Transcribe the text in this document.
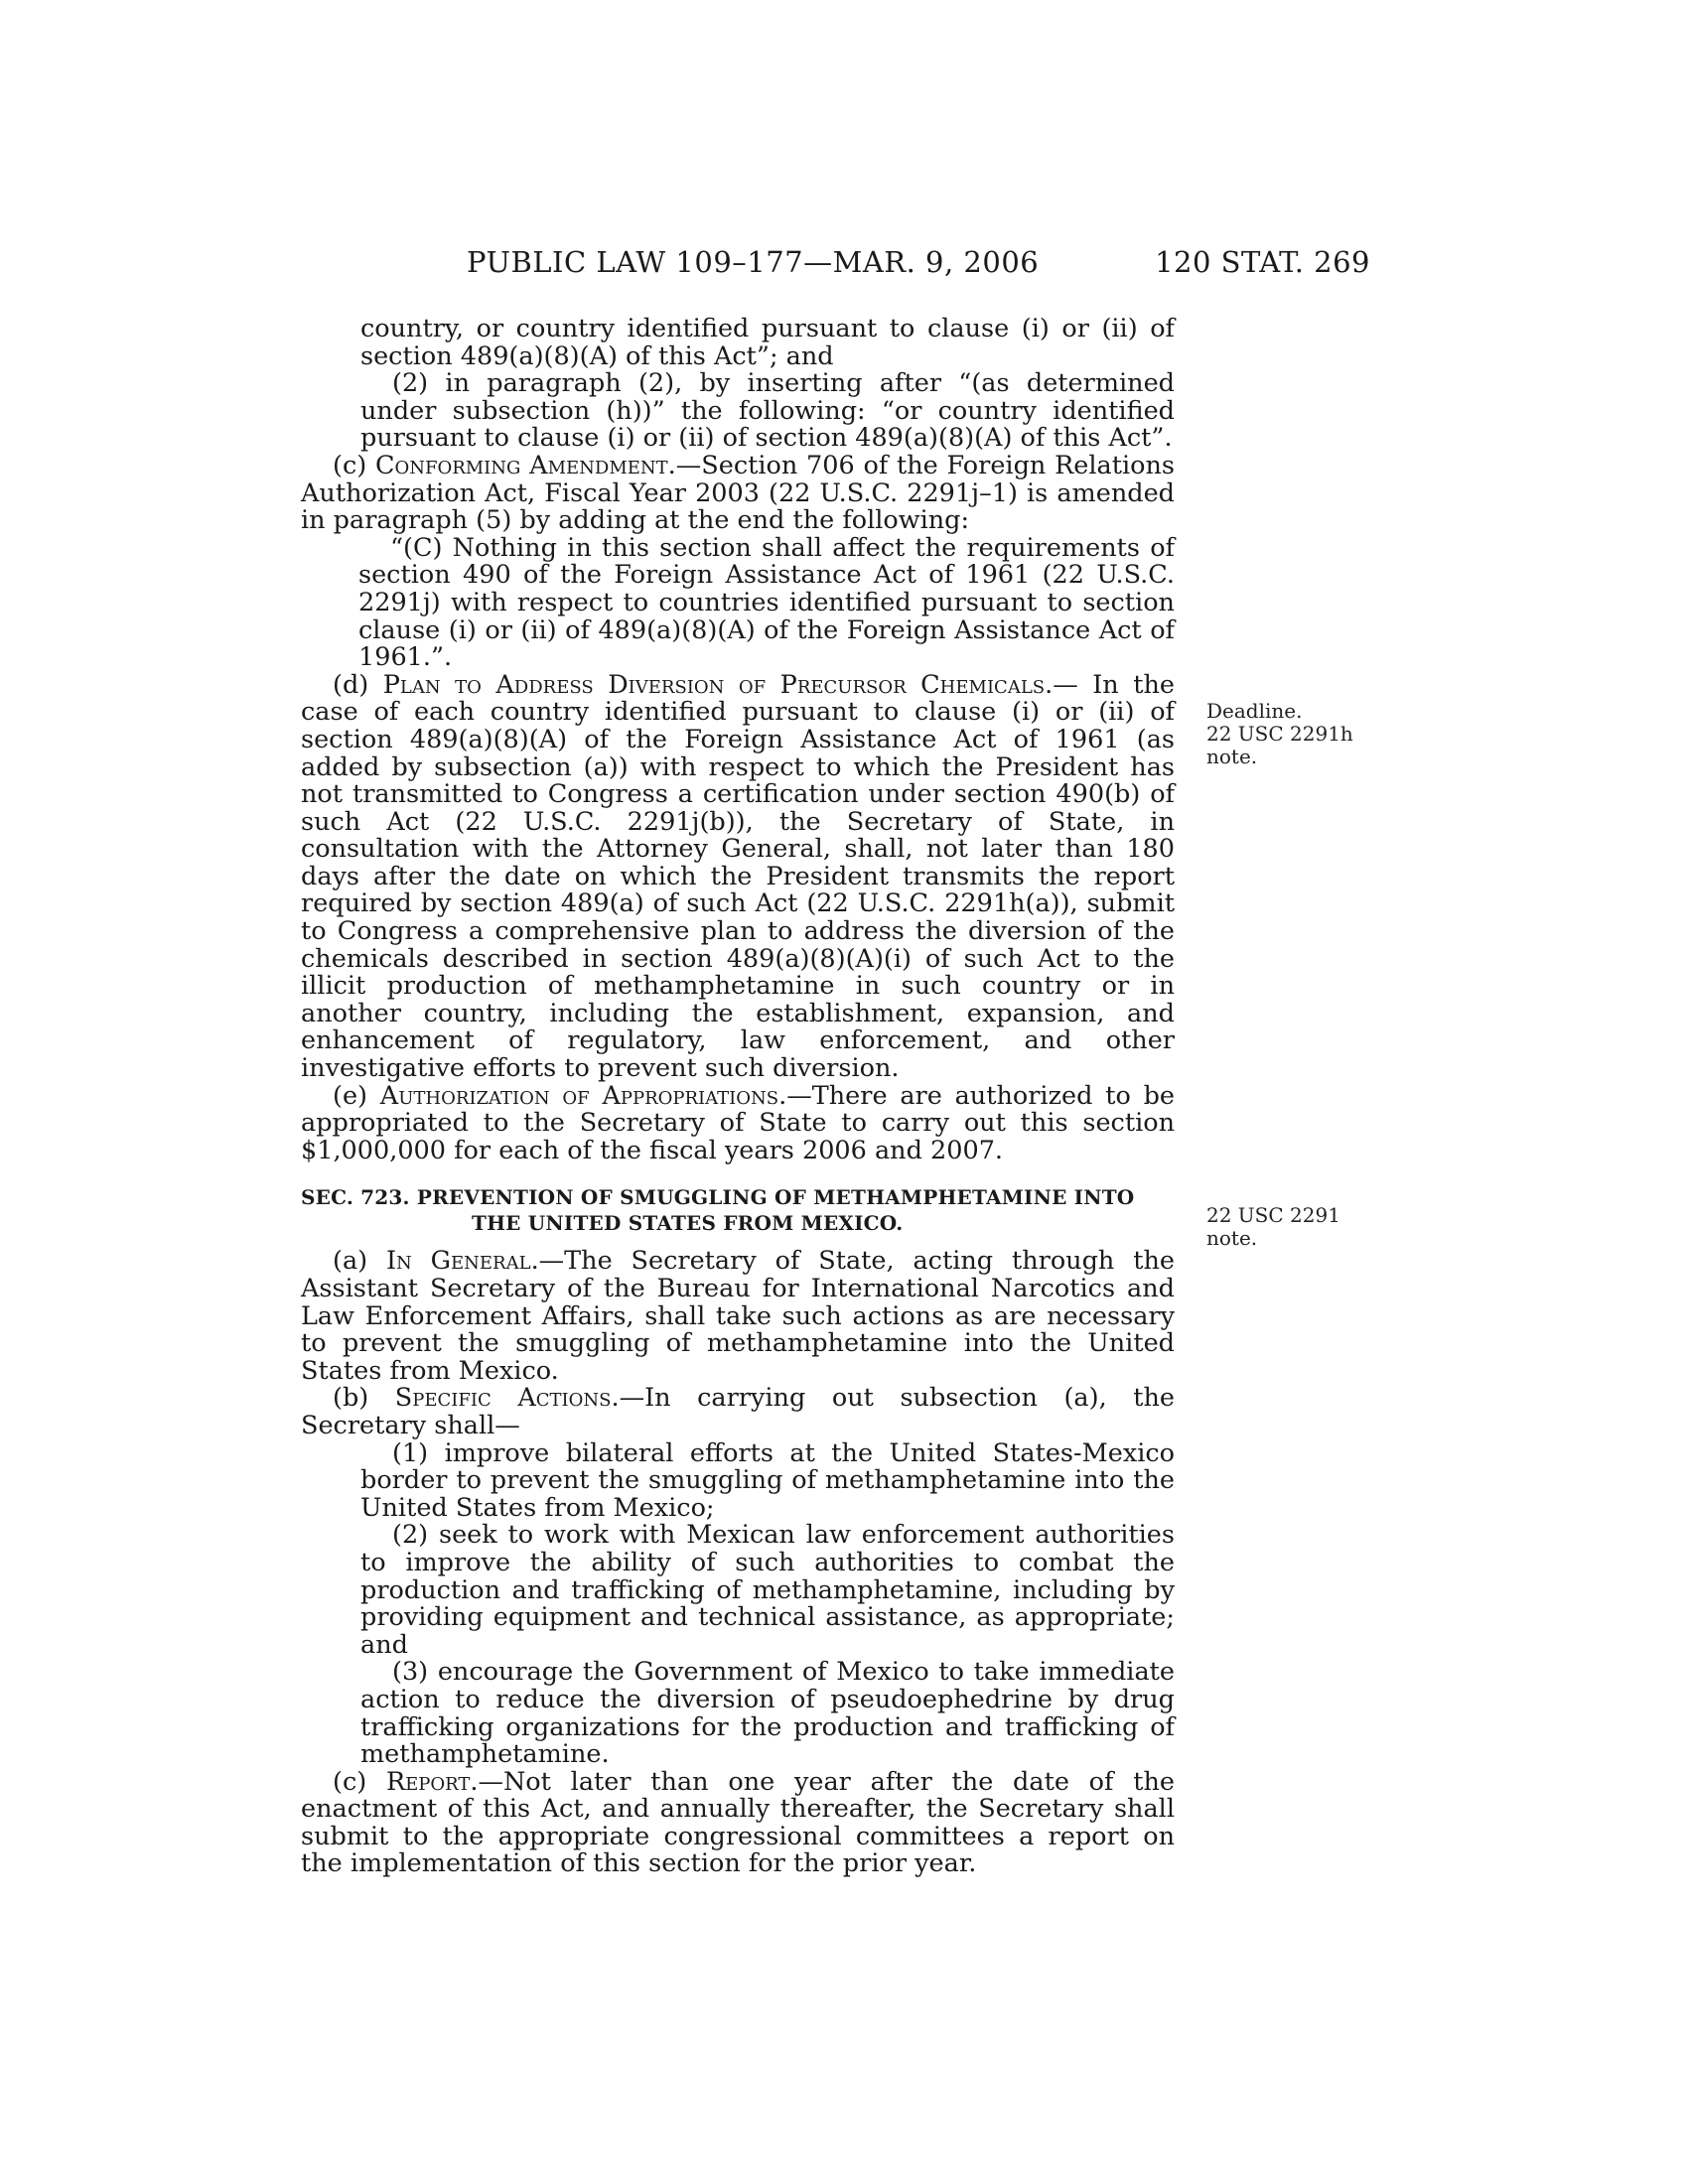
PUBLIC LAW 109–177—MAR. 9, 2006	120 STAT. 269
Deadline.
22 USC 2291h
note.
22 USC 2291
note.

country, or country identified pursuant to clause (i) or (ii) of section 489(a)(8)(A) of this Act”; and

(2) in paragraph (2), by inserting after “(as determined under subsection (h))” the following: “or country identified pursuant to clause (i) or (ii) of section 489(a)(8)(A) of this Act”.

(c) Conforming Amendment.—Section 706 of the Foreign Relations Authorization Act, Fiscal Year 2003 (22 U.S.C. 2291j–1) is amended in paragraph (5) by adding at the end the following:

“(C) Nothing in this section shall affect the requirements of section 490 of the Foreign Assistance Act of 1961 (22 U.S.C. 2291j) with respect to countries identified pursuant to section clause (i) or (ii) of 489(a)(8)(A) of the Foreign Assistance Act of 1961.”.

(d) Plan to Address Diversion of Precursor Chemicals.— In the case of each country identified pursuant to clause (i) or (ii) of section 489(a)(8)(A) of the Foreign Assistance Act of 1961 (as added by subsection (a)) with respect to which the President has not transmitted to Congress a certification under section 490(b) of such Act (22 U.S.C. 2291j(b)), the Secretary of State, in consultation with the Attorney General, shall, not later than 180 days after the date on which the President transmits the report required by section 489(a) of such Act (22 U.S.C. 2291h(a)), submit to Congress a comprehensive plan to address the diversion of the chemicals described in section 489(a)(8)(A)(i) of such Act to the illicit production of methamphetamine in such country or in another country, including the establishment, expansion, and enhancement of regulatory, law enforcement, and other investigative efforts to prevent such diversion.

(e) Authorization of Appropriations.—There are authorized to be appropriated to the Secretary of State to carry out this section $1,000,000 for each of the fiscal years 2006 and 2007.

SEC. 723. PREVENTION OF SMUGGLING OF METHAMPHETAMINE INTO
THE UNITED STATES FROM MEXICO.

(a) In General.—The Secretary of State, acting through the Assistant Secretary of the Bureau for International Narcotics and Law Enforcement Affairs, shall take such actions as are necessary to prevent the smuggling of methamphetamine into the United States from Mexico.

(b) Specific Actions.—In carrying out subsection (a), the Secretary shall—

(1) improve bilateral efforts at the United States-Mexico border to prevent the smuggling of methamphetamine into the United States from Mexico;

(2) seek to work with Mexican law enforcement authorities to improve the ability of such authorities to combat the production and trafficking of methamphetamine, including by providing equipment and technical assistance, as appropriate; and

(3) encourage the Government of Mexico to take immediate action to reduce the diversion of pseudoephedrine by drug trafficking organizations for the production and trafficking of methamphetamine.

(c) Report.—Not later than one year after the date of the enactment of this Act, and annually thereafter, the Secretary shall submit to the appropriate congressional committees a report on the implementation of this section for the prior year.
